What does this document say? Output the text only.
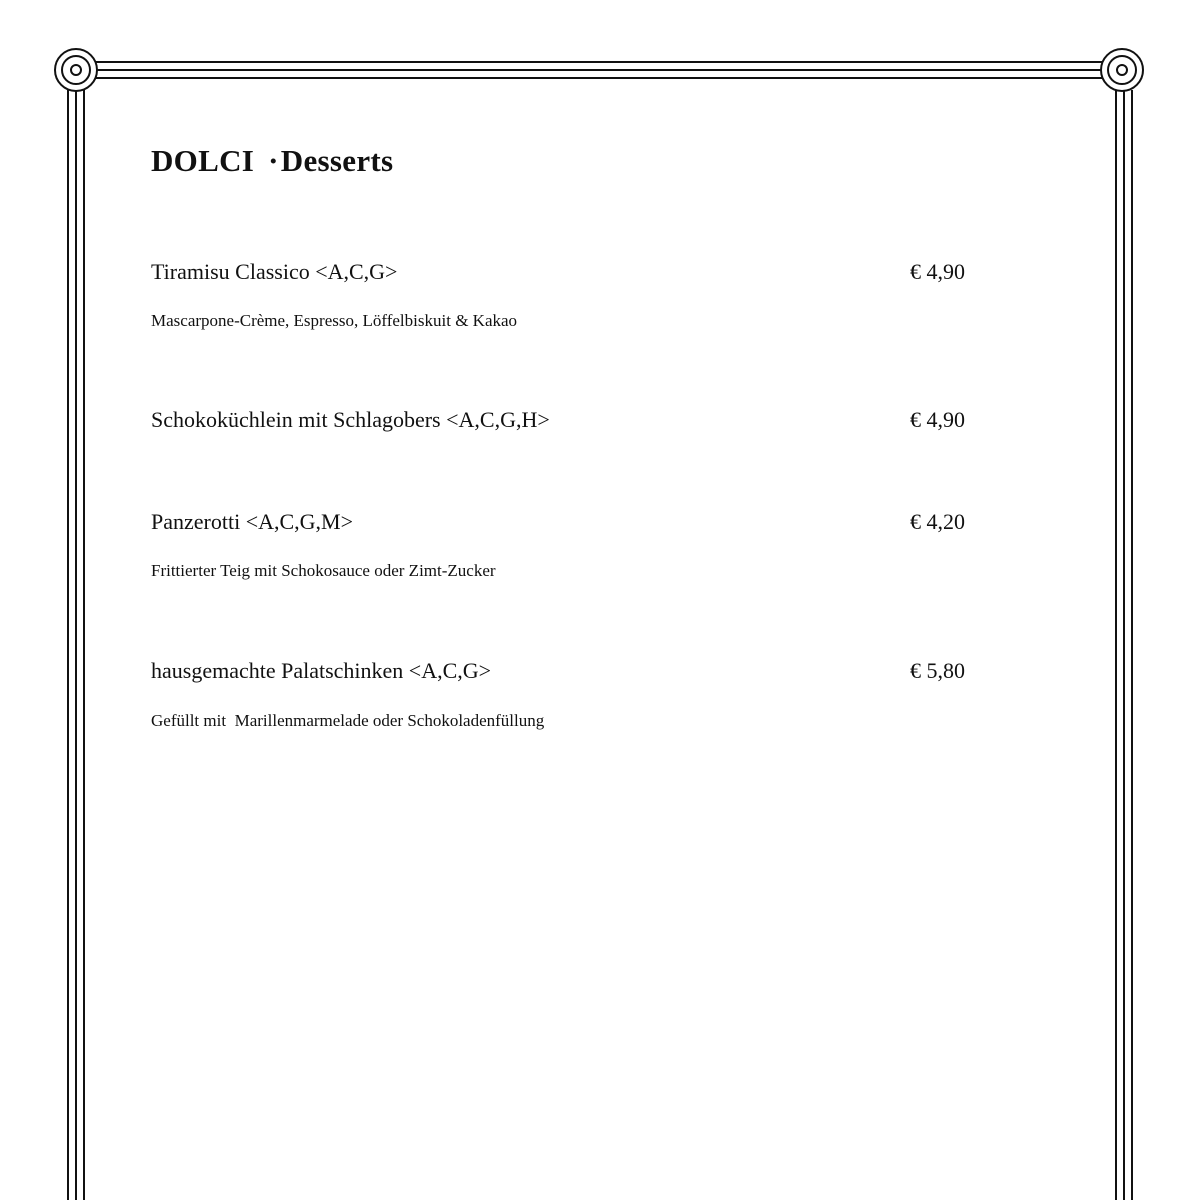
DOLCI ·Desserts
Tiramisu Classico <A,C,G>	€ 4,90
Mascarpone-Crème, Espresso, Löffelbiskuit & Kakao
Schokoküchlein mit Schlagobers <A,C,G,H>	€ 4,90
Panzerotti <A,C,G,M>	€ 4,20
Frittierter Teig mit Schokosauce oder Zimt-Zucker
hausgemachte Palatschinken <A,C,G>	€ 5,80
Gefüllt mit  Marillenmarmelade oder Schokoladenfüllung
